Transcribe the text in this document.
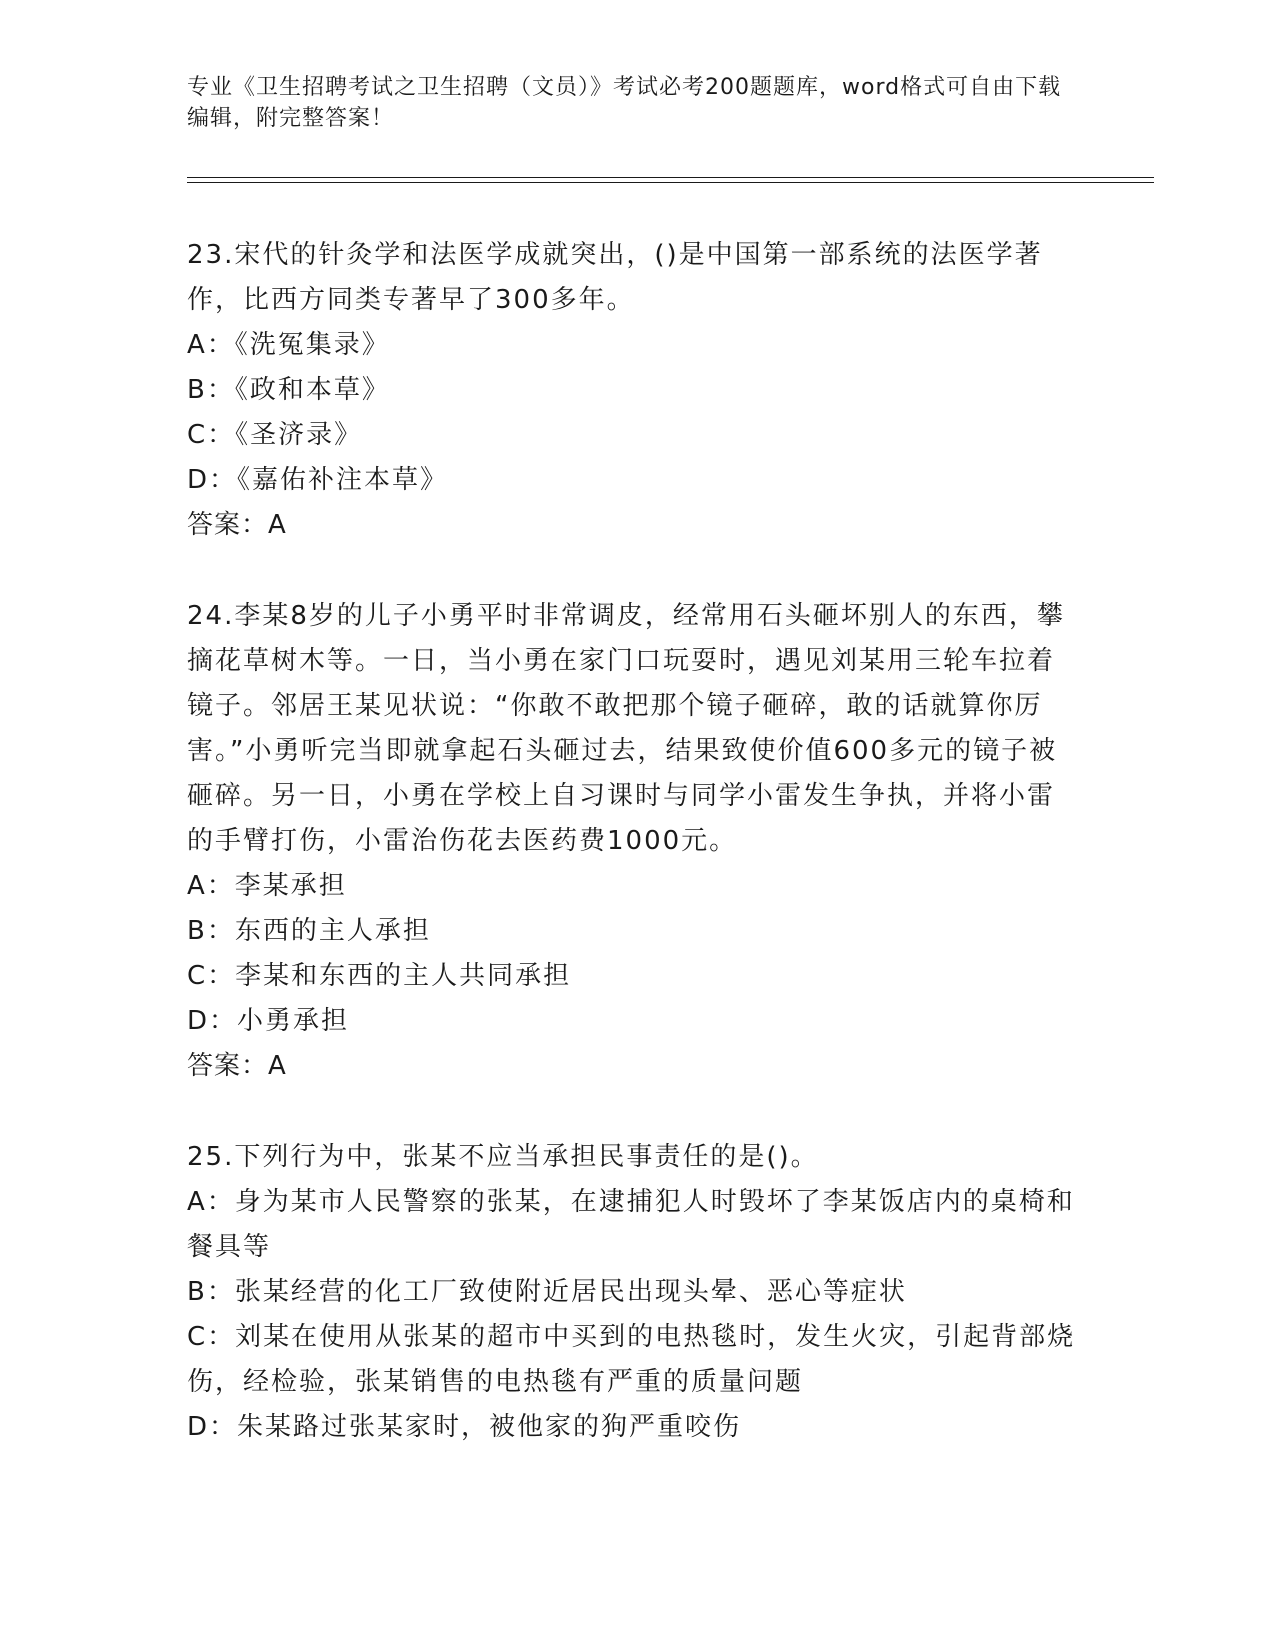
专业《卫生招聘考试之卫生招聘（文员）》考试必考200题题库，word格式可自由下载编辑，附完整答案！

23.宋代的针灸学和法医学成就突出，()是中国第一部系统的法医学著作，比西方同类专著早了300多年。

A：《洗冤集录》

B：《政和本草》

C：《圣济录》

D：《嘉佑补注本草》

答案：A

24.李某8岁的儿子小勇平时非常调皮，经常用石头砸坏别人的东西，攀摘花草树木等。一日，当小勇在家门口玩耍时，遇见刘某用三轮车拉着镜子。邻居王某见状说：“你敢不敢把那个镜子砸碎，敢的话就算你厉害。”小勇听完当即就拿起石头砸过去，结果致使价值600多元的镜子被砸碎。另一日，小勇在学校上自习课时与同学小雷发生争执，并将小雷的手臂打伤，小雷治伤花去医药费1000元。

A：李某承担

B：东西的主人承担

C：李某和东西的主人共同承担

D：小勇承担

答案：A

25.下列行为中，张某不应当承担民事责任的是()。

A：身为某市人民警察的张某，在逮捕犯人时毁坏了李某饭店内的桌椅和餐具等

B：张某经营的化工厂致使附近居民出现头晕、恶心等症状

C：刘某在使用从张某的超市中买到的电热毯时，发生火灾，引起背部烧伤，经检验，张某销售的电热毯有严重的质量问题

D：朱某路过张某家时，被他家的狗严重咬伤
